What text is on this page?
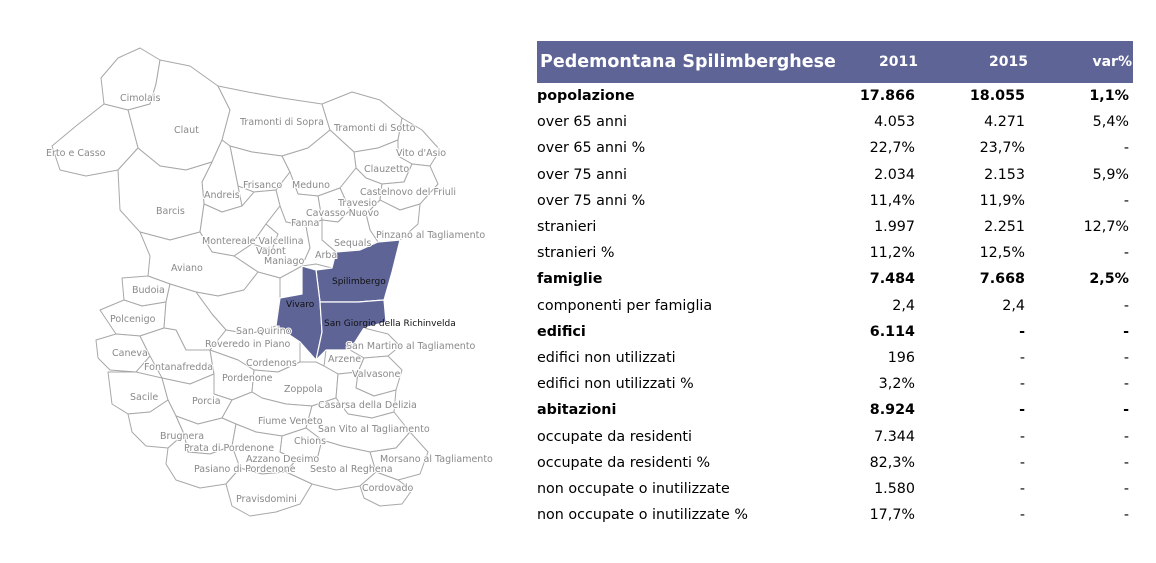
Cimolais
Claut
Erto e Casso
Tramonti di Sopra
Tramonti di Sotto
Vito d'Asio
Clauzetto
Frisanco Meduno
Andreis
Barcis
Travesio
Castelnovo del Friuli
Cavasso Nuovo
Fanna
Pinzano al Tagliamento
Montereale Valcellina
Vajont
Sequals
Maniago
Arba
Aviano
Budoia
Polcenigo
San Quirino
Roveredo in Piano
Caneva
Cordenons
San Martino al Tagliamento
Arzene
Fontanafredda
Pordenone	Valvasone
Zoppola
Sacile	Porcia	Casarsa della Delizia
Fiume Veneto
San Vito al Tagliamento
Brugnera	Chions
Prata di Pordenone
Azzano Decimo	Morsano al Tagliamento
Pasiano di Pordenone Sesto al Reghena
Cordovado
Pravisdomini
Spilimbergo
Vivaro
San Giorgio della Richinvelda
Pedemontana Spilimberghese	2011	2015	var%
popolazione	17.866	18.055	1,1%
over 65 anni	4.053	4.271	5,4%
over 65 anni %	22,7%	23,7%	-
over 75 anni	2.034	2.153	5,9%
over 75 anni %	11,4%	11,9%	-
stranieri	1.997	2.251	12,7%
stranieri %	11,2%	12,5%	-
famiglie	7.484	7.668	2,5%
componenti per famiglia	2,4	2,4	-
edifici	6.114	-	-
edifici non utilizzati	196	-	-
edifici non utilizzati %	3,2%	-	-
abitazioni	8.924	-	-
occupate da residenti	7.344	-	-
occupate da residenti %	82,3%	-	-
non occupate o inutilizzate	1.580	-	-
non occupate o inutilizzate %	17,7%	-	-
